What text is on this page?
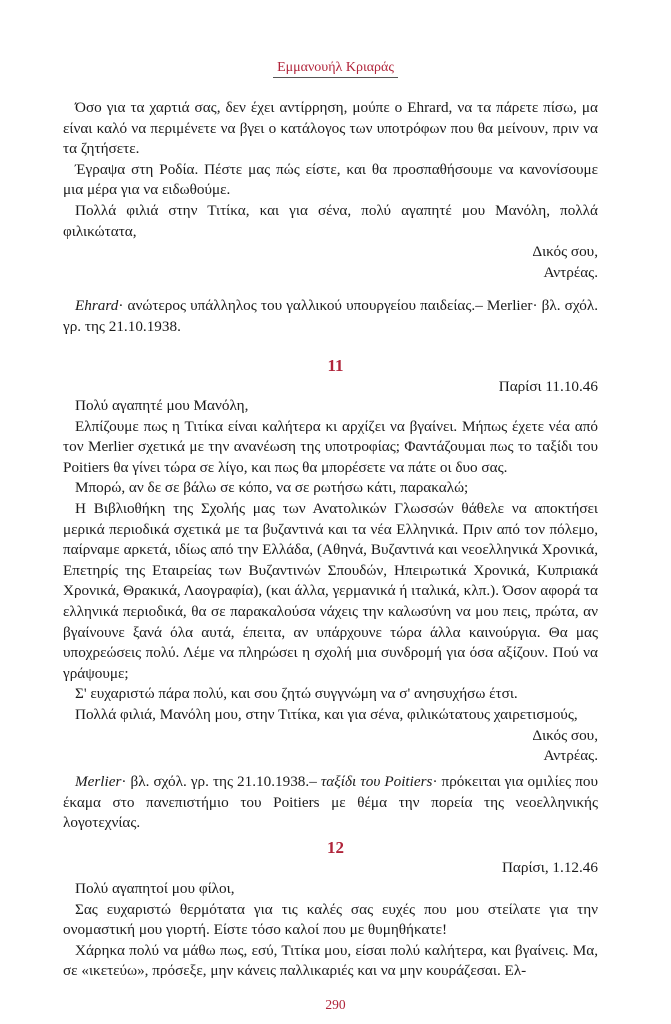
Εμμανουήλ Κριαράς

Όσο για τα χαρτιά σας, δεν έχει αντίρρηση, μούπε ο Ehrard, να τα πάρετε πίσω, μα είναι καλό να περιμένετε να βγει ο κατάλογος των υποτρόφων που θα μείνουν, πριν να τα ζητήσετε.

Έγραψα στη Ροδία. Πέστε μας πώς είστε, και θα προσπαθήσουμε να κανονίσουμε μια μέρα για να ειδωθούμε.

Πολλά φιλιά στην Τιτίκα, και για σένα, πολύ αγαπητέ μου Μανόλη, πολλά φιλικώτατα,

Δικός σου,

Αντρέας.

Ehrard· ανώτερος υπάλληλος του γαλλικού υπουργείου παιδείας.– Merlier· βλ. σχόλ. γρ. της 21.10.1938.
11
Παρίσι 11.10.46

Πολύ αγαπητέ μου Μανόλη,

Ελπίζουμε πως η Τιτίκα είναι καλήτερα κι αρχίζει να βγαίνει. Μήπως έχετε νέα από τον Merlier σχετικά με την ανανέωση της υποτροφίας; Φαντάζουμαι πως το ταξίδι του Poitiers θα γίνει τώρα σε λίγο, και πως θα μπορέσετε να πάτε οι δυο σας.

Μπορώ, αν δε σε βάλω σε κόπο, να σε ρωτήσω κάτι, παρακαλώ;

Η Βιβλιοθήκη της Σχολής μας των Ανατολικών Γλωσσών θάθελε να αποκτήσει μερικά περιοδικά σχετικά με τα βυζαντινά και τα νέα Ελληνικά. Πριν από τον πόλεμο, παίρναμε αρκετά, ιδίως από την Ελλάδα, (Αθηνά, Βυζαντινά και νεοελληνικά Χρονικά, Επετηρίς της Εταιρείας των Βυζαντινών Σπουδών, Ηπειρωτικά Χρονικά, Κυπριακά Χρονικά, Θρακικά, Λαογραφία), (και άλλα, γερμανικά ή ιταλικά, κλπ.). Όσον αφορά τα ελληνικά περιοδικά, θα σε παρακαλούσα νάχεις την καλωσύνη να μου πεις, πρώτα, αν βγαίνουνε ξανά όλα αυτά, έπειτα, αν υπάρχουνε τώρα άλλα καινούργια. Θα μας υποχρεώσεις πολύ. Λέμε να πληρώσει η σχολή μια συνδρομή για όσα αξίζουν. Πού να γράψουμε;

Σ' ευχαριστώ πάρα πολύ, και σου ζητώ συγγνώμη να σ' ανησυχήσω έτσι.

Πολλά φιλιά, Μανόλη μου, στην Τιτίκα, και για σένα, φιλικώτατους χαιρετισμούς,

Δικός σου,

Αντρέας.

Merlier· βλ. σχόλ. γρ. της 21.10.1938.– ταξίδι του Poitiers· πρόκειται για ομιλίες που έκαμα στο πανεπιστήμιο του Poitiers με θέμα την πορεία της νεοελληνικής λογοτεχνίας.
12
Παρίσι, 1.12.46

Πολύ αγαπητοί μου φίλοι,

Σας ευχαριστώ θερμότατα για τις καλές σας ευχές που μου στείλατε για την ονομαστική μου γιορτή. Είστε τόσο καλοί που με θυμηθήκατε!

Χάρηκα πολύ να μάθω πως, εσύ, Τιτίκα μου, είσαι πολύ καλήτερα, και βγαίνεις. Μα, σε «ικετεύω», πρόσεξε, μην κάνεις παλλικαριές και να μην κουράζεσαι. Ελ-

290
